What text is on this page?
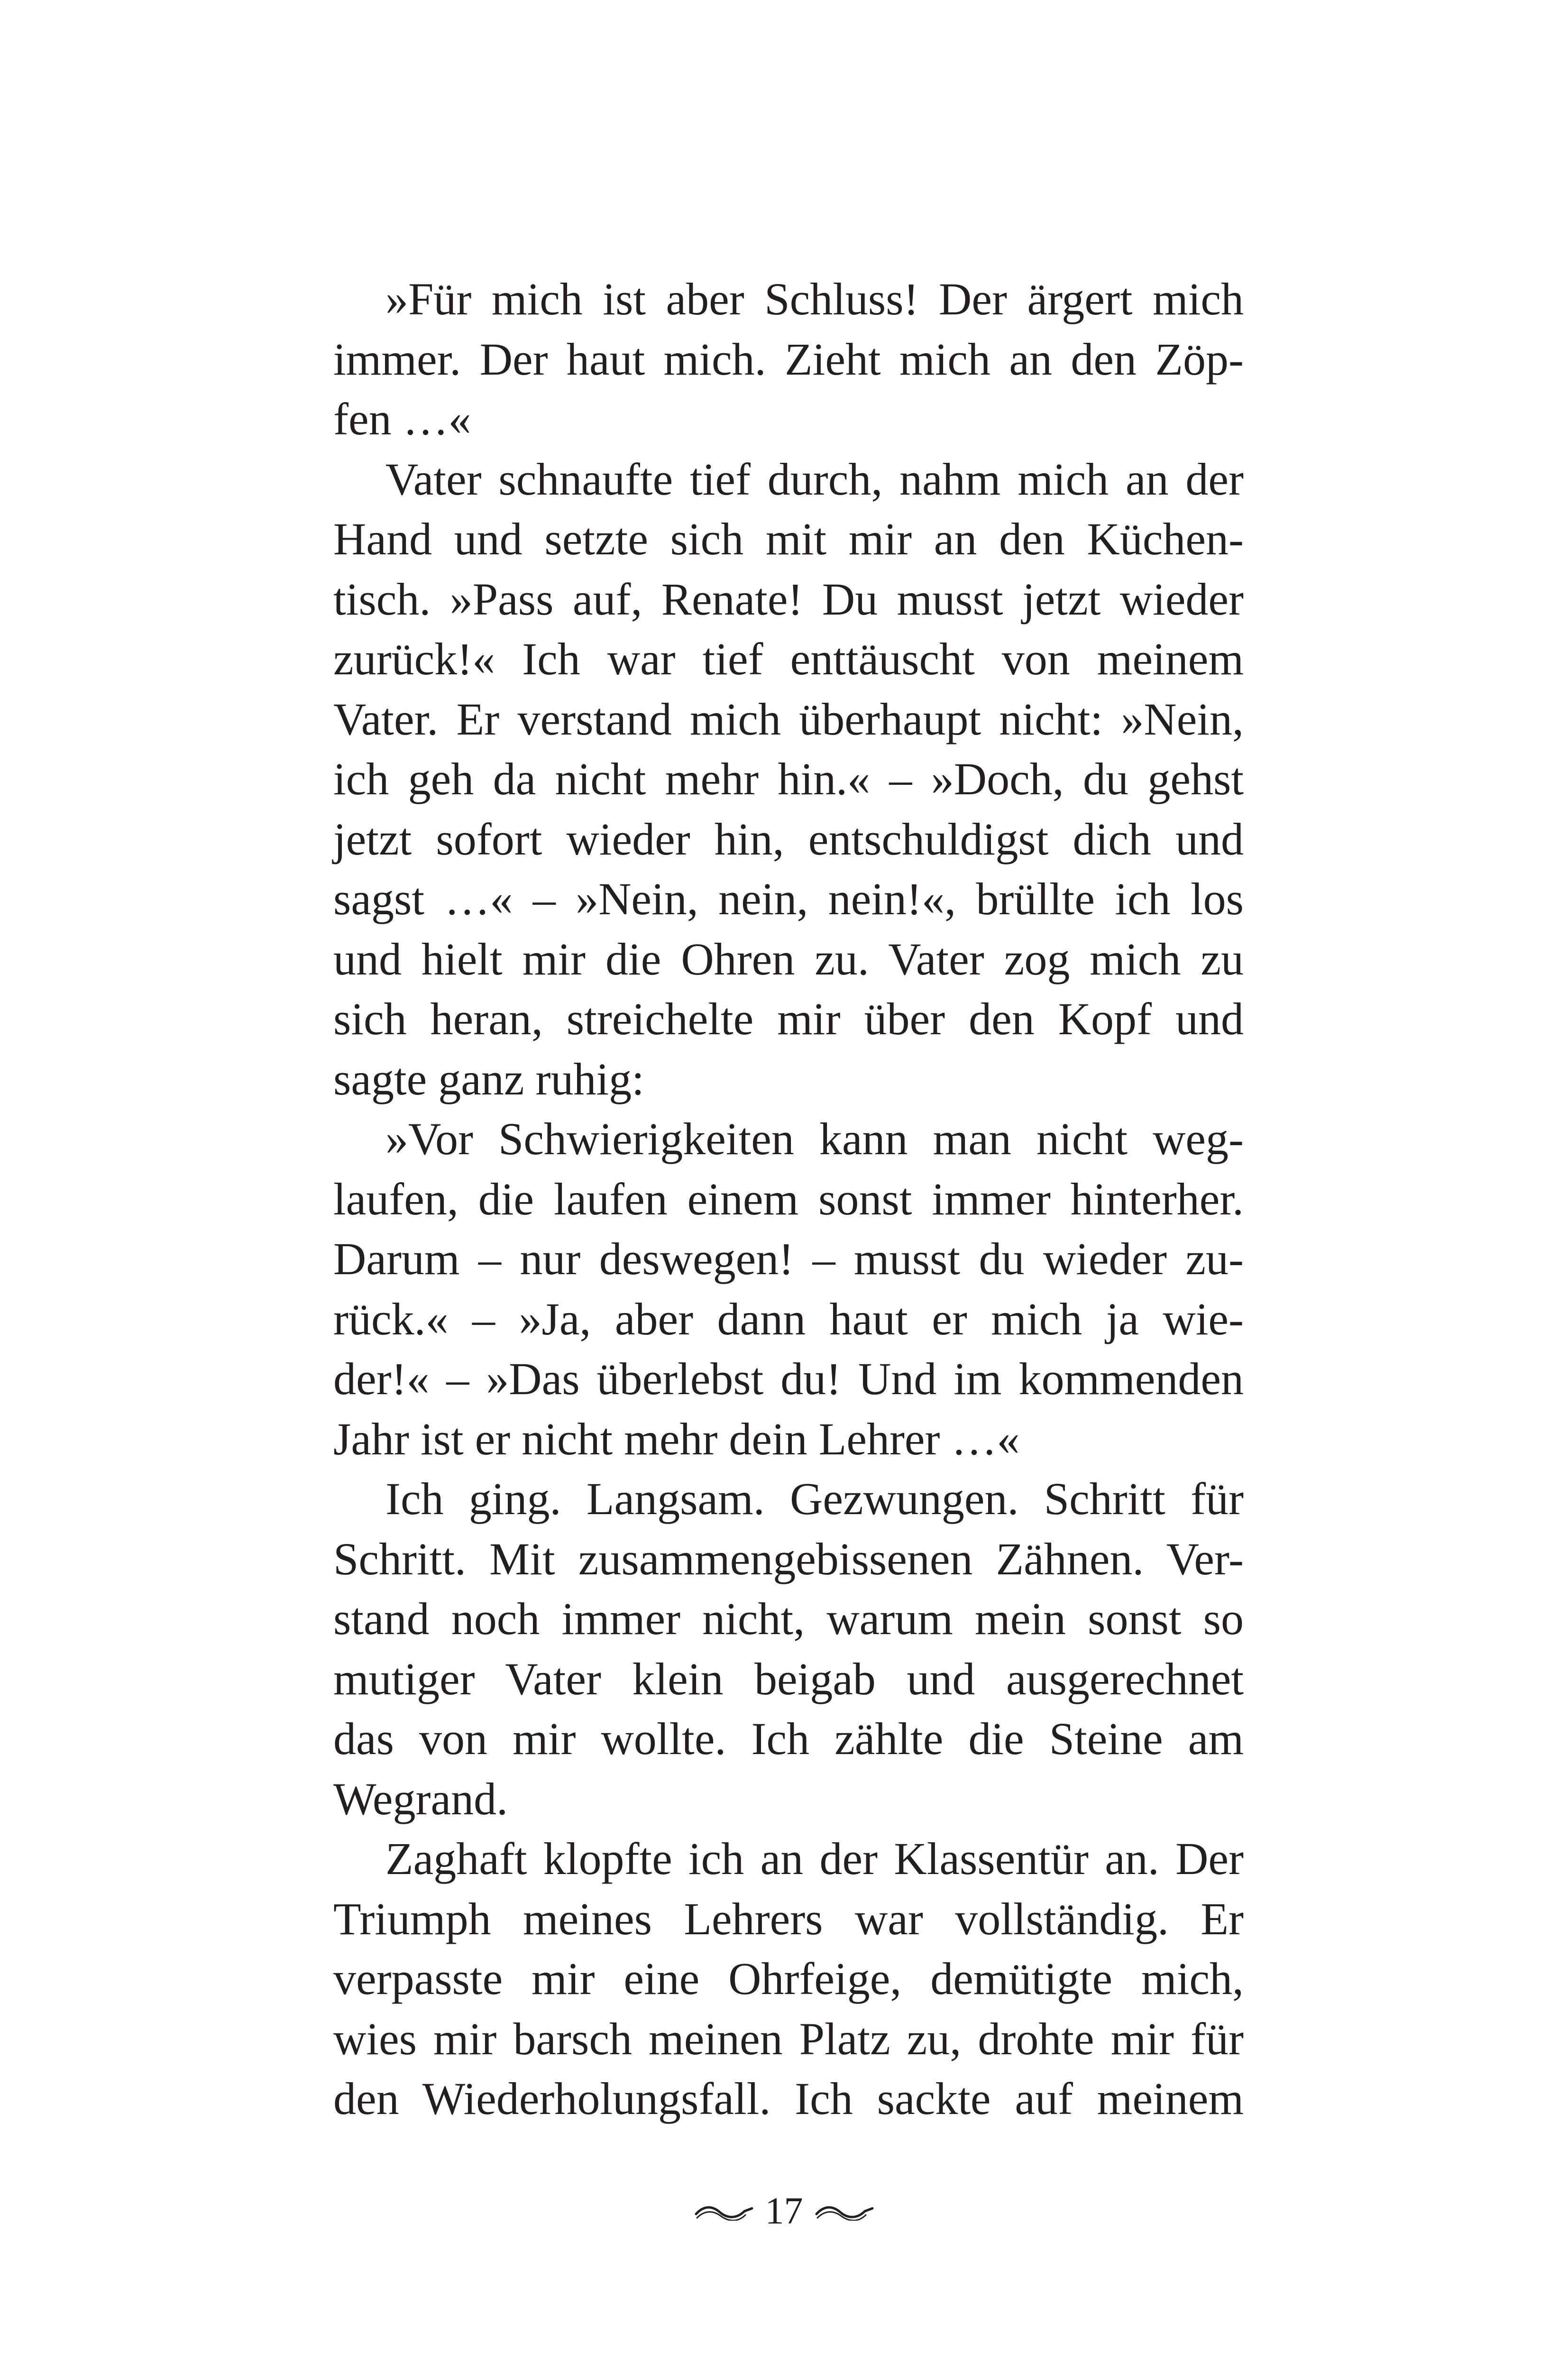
»Für mich ist aber Schluss! Der ärgert mich
immer. Der haut mich. Zieht mich an den Zöp-
fen …«
Vater schnaufte tief durch, nahm mich an der
Hand und setzte sich mit mir an den Küchen-
tisch. »Pass auf, Renate! Du musst jetzt wieder
zurück!« Ich war tief enttäuscht von meinem
Vater. Er verstand mich überhaupt nicht: »Nein,
ich geh da nicht mehr hin.« – »Doch, du gehst
jetzt sofort wieder hin, entschuldigst dich und
sagst …« – »Nein, nein, nein!«, brüllte ich los
und hielt mir die Ohren zu. Vater zog mich zu
sich heran, streichelte mir über den Kopf und
sagte ganz ruhig:
»Vor Schwierigkeiten kann man nicht weg-
laufen, die laufen einem sonst immer hinterher.
Darum – nur deswegen! – musst du wieder zu-
rück.« – »Ja, aber dann haut er mich ja wie-
der!« – »Das überlebst du! Und im kommenden
Jahr ist er nicht mehr dein Lehrer …«
Ich ging. Langsam. Gezwungen. Schritt für
Schritt. Mit zusammengebissenen Zähnen. Ver-
stand noch immer nicht, warum mein sonst so
mutiger Vater klein beigab und ausgerechnet
das von mir wollte. Ich zählte die Steine am
Wegrand.
Zaghaft klopfte ich an der Klassentür an. Der
Triumph meines Lehrers war vollständig. Er
verpasste mir eine Ohrfeige, demütigte mich,
wies mir barsch meinen Platz zu, drohte mir für
den Wiederholungsfall. Ich sackte auf meinem
17
